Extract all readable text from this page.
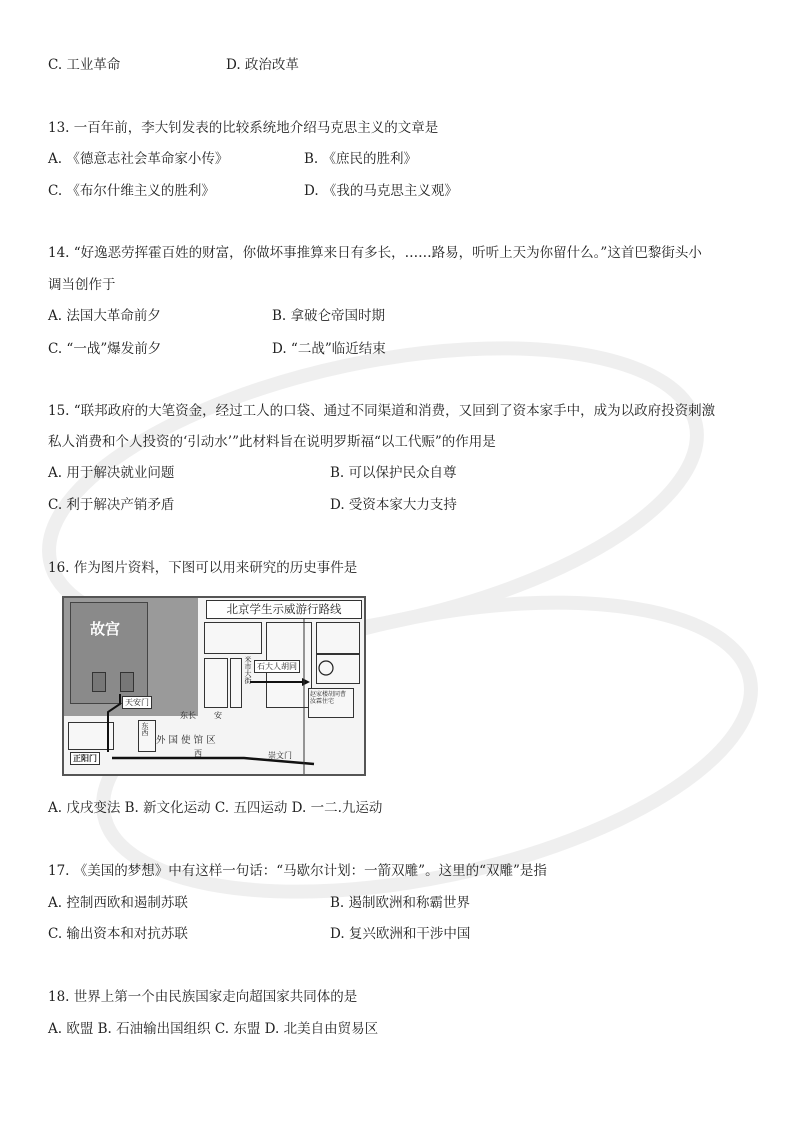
C. 工业革命	D. 政治改革
13. 一百年前，李大钊发表的比较系统地介绍马克思主义的文章是
A. 《德意志社会革命家小传》	B. 《庶民的胜利》
C. 《布尔什维主义的胜利》	D. 《我的马克思主义观》
14. “好逸恶劳挥霍百姓的财富，你做坏事推算来日有多长，……路易，听听上天为你留什么。”这首巴黎街头小
调当创作于
A. 法国大革命前夕	B. 拿破仑帝国时期
C. “一战”爆发前夕	D. “二战”临近结束
15. “联邦政府的大笔资金，经过工人的口袋、通过不同渠道和消费，又回到了资本家手中，成为以政府投资刺激
私人消费和个人投资的‘引动水’”此材料旨在说明罗斯福“以工代赈”的作用是
A. 用于解决就业问题	B. 可以保护民众自尊
C. 利于解决产销矛盾	D. 受资本家大力支持
16. 作为图片资料，下图可以用来研究的历史事件是
故宫
天安门
北京学生示威游行路线
米市大街 石大人胡同
赵家楼胡同曹汝霖住宅
东长 安
东西
外 国 使 馆 区
西
正阳门	崇文门
A. 戊戌变法 B. 新文化运动 C. 五四运动 D. 一二.九运动
17. 《美国的梦想》中有这样一句话：“马歇尔计划：一箭双雕”。这里的“双雕”是指
A. 控制西欧和遏制苏联	B. 遏制欧洲和称霸世界
C. 输出资本和对抗苏联	D. 复兴欧洲和干涉中国
18. 世界上第一个由民族国家走向超国家共同体的是
A. 欧盟 B. 石油输出国组织 C. 东盟 D. 北美自由贸易区
